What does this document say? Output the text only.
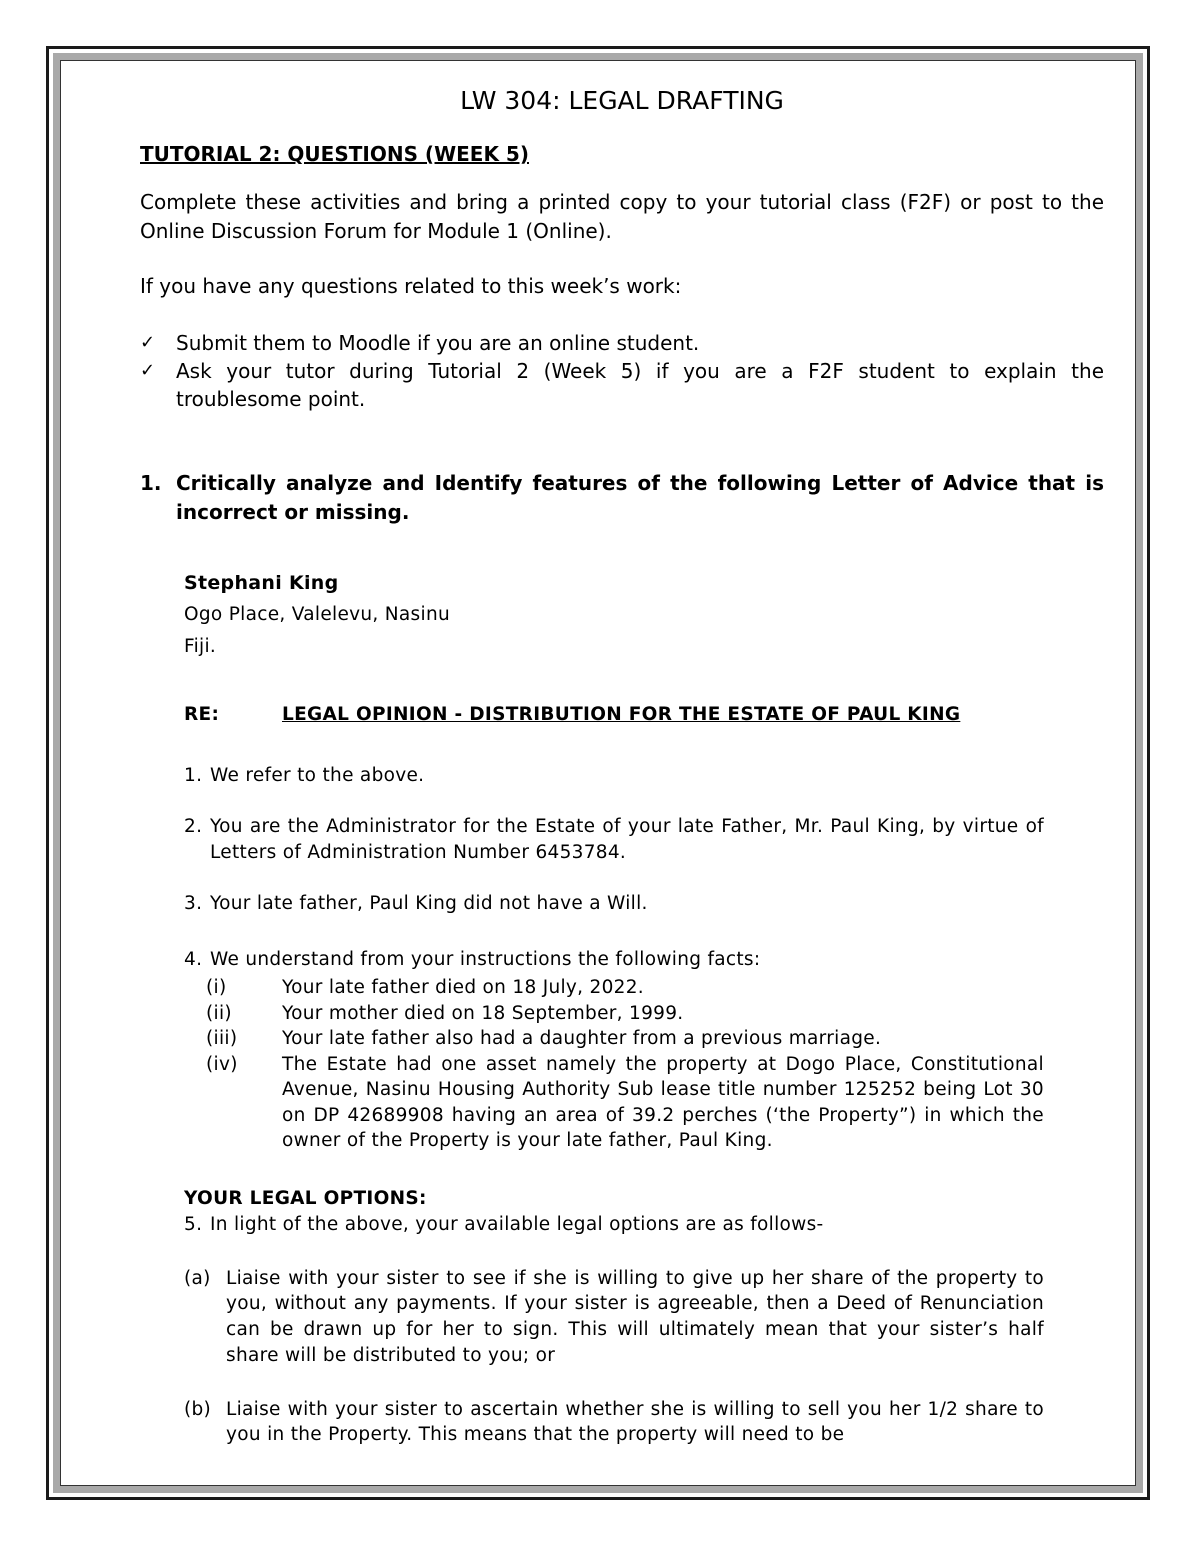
LW 304: LEGAL DRAFTING
TUTORIAL 2: QUESTIONS (WEEK 5)
Complete these activities and bring a printed copy to your tutorial class (F2F) or post to the Online Discussion Forum for Module 1 (Online).
If you have any questions related to this week’s work:
✓ Submit them to Moodle if you are an online student.
✓ Ask your tutor during Tutorial 2 (Week 5) if you are a F2F student to explain the troublesome point.
1. Critically analyze and Identify features of the following Letter of Advice that is incorrect or missing.
Stephani King
Ogo Place, Valelevu, Nasinu
Fiji.
RE:	LEGAL OPINION - DISTRIBUTION FOR THE ESTATE OF PAUL KING
1. We refer to the above.
2. You are the Administrator for the Estate of your late Father, Mr. Paul King, by virtue of Letters of Administration Number 6453784.
3. Your late father, Paul King did not have a Will.
4. We understand from your instructions the following facts:
(i)	Your late father died on 18 July, 2022.
(ii)	Your mother died on 18 September, 1999.
(iii) Your late father also had a daughter from a previous marriage.
(iv) The Estate had one asset namely the property at Dogo Place, Constitutional Avenue, Nasinu Housing Authority Sub lease title number 125252 being Lot 30 on DP 42689908 having an area of 39.2 perches (‘the Property”) in which the owner of the Property is your late father, Paul King.
YOUR LEGAL OPTIONS:
5. In light of the above, your available legal options are as follows-
(a) Liaise with your sister to see if she is willing to give up her share of the property to you, without any payments. If your sister is agreeable, then a Deed of Renunciation can be drawn up for her to sign. This will ultimately mean that your sister’s half share will be distributed to you; or
(b) Liaise with your sister to ascertain whether she is willing to sell you her 1/2 share to you in the Property. This means that the property will need to be
